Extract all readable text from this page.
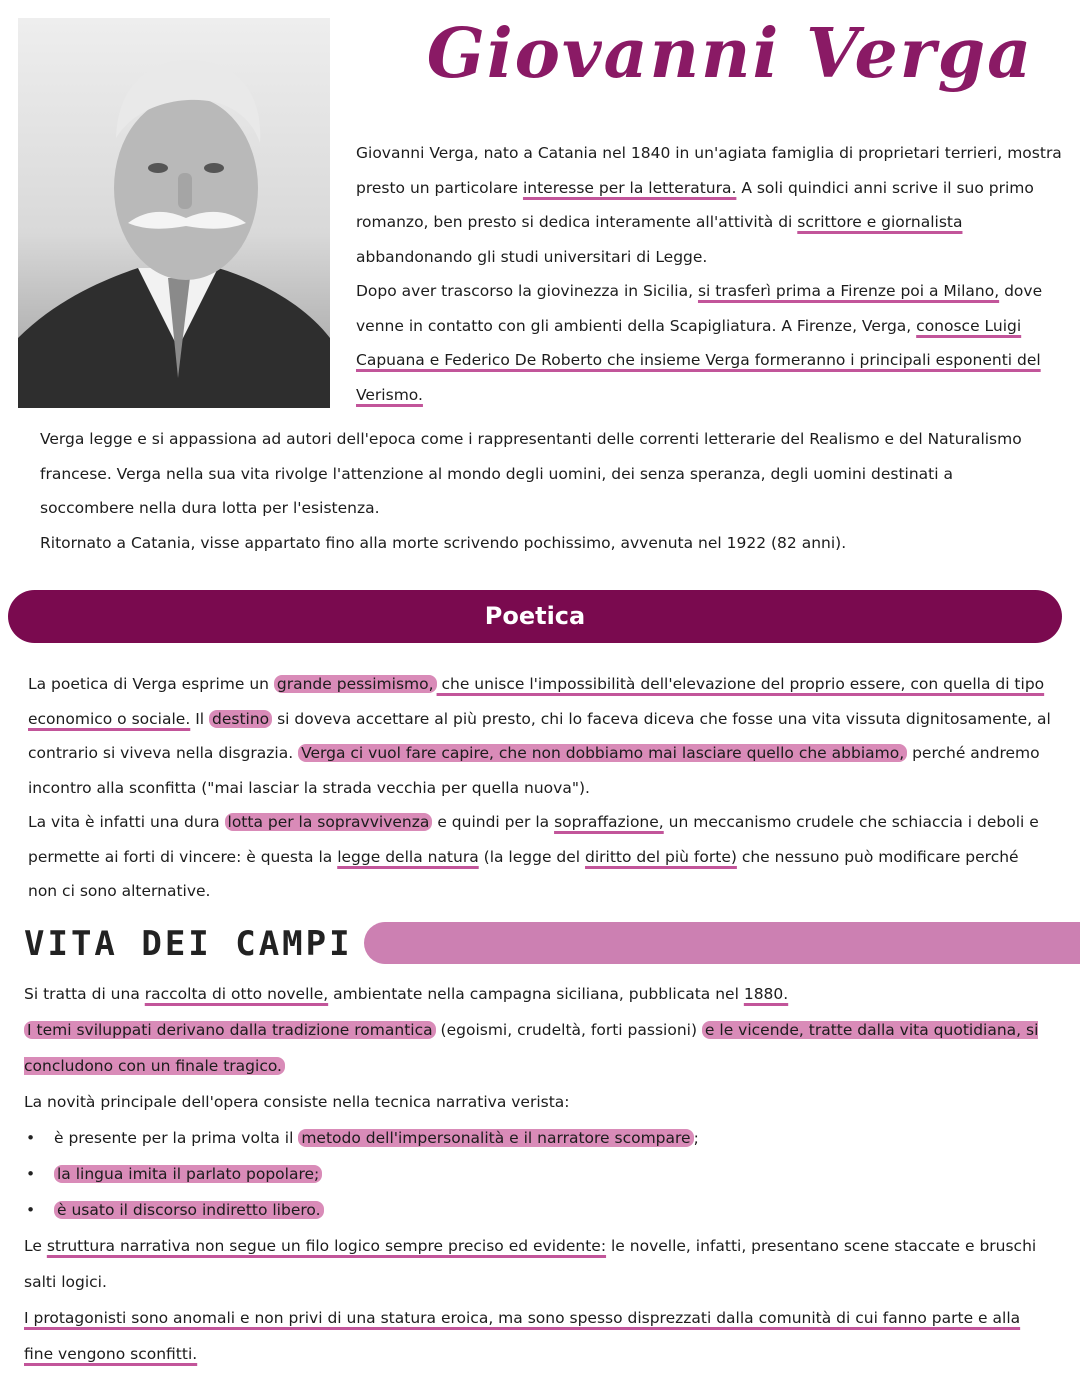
Giovanni Verga

Giovanni Verga, nato a Catania nel 1840 in un'agiata famiglia di proprietari terrieri, mostra presto un particolare interesse per la letteratura. A soli quindici anni scrive il suo primo romanzo, ben presto si dedica interamente all'attività di scrittore e giornalista abbandonando gli studi universitari di Legge.

Dopo aver trascorso la giovinezza in Sicilia, si trasferì prima a Firenze poi a Milano, dove venne in contatto con gli ambienti della Scapigliatura. A Firenze, Verga, conosce Luigi Capuana e Federico De Roberto che insieme Verga formeranno i principali esponenti del Verismo.

Verga legge e si appassiona ad autori dell'epoca come i rappresentanti delle correnti letterarie del Realismo e del Naturalismo francese. Verga nella sua vita rivolge l'attenzione al mondo degli uomini, dei senza speranza, degli uomini destinati a soccombere nella dura lotta per l'esistenza.

Ritornato a Catania, visse appartato fino alla morte scrivendo pochissimo, avvenuta nel 1922 (82 anni).

Poetica

La poetica di Verga esprime un grande pessimismo, che unisce l'impossibilità dell'elevazione del proprio essere, con quella di tipo economico o sociale. Il destino si doveva accettare al più presto, chi lo faceva diceva che fosse una vita vissuta dignitosamente, al contrario si viveva nella disgrazia. Verga ci vuol fare capire, che non dobbiamo mai lasciare quello che abbiamo, perché andremo incontro alla sconfitta ("mai lasciar la strada vecchia per quella nuova").

La vita è infatti una dura lotta per la sopravvivenza e quindi per la sopraffazione, un meccanismo crudele che schiaccia i deboli e permette ai forti di vincere: è questa la legge della natura (la legge del diritto del più forte) che nessuno può modificare perché non ci sono alternative.

VITA DEI CAMPI

Si tratta di una raccolta di otto novelle, ambientate nella campagna siciliana, pubblicata nel 1880.

I temi sviluppati derivano dalla tradizione romantica (egoismi, crudeltà, forti passioni) e le vicende, tratte dalla vita quotidiana, si concludono con un finale tragico.

La novità principale dell'opera consiste nella tecnica narrativa verista:

• è presente per la prima volta il metodo dell'impersonalità e il narratore scompare ;
• la lingua imita il parlato popolare;
• è usato il discorso indiretto libero.

Le struttura narrativa non segue un filo logico sempre preciso ed evidente: le novelle, infatti, presentano scene staccate e bruschi salti logici.

I protagonisti sono anomali e non privi di una statura eroica, ma sono spesso disprezzati dalla comunità di cui fanno parte e alla fine vengono sconfitti.
